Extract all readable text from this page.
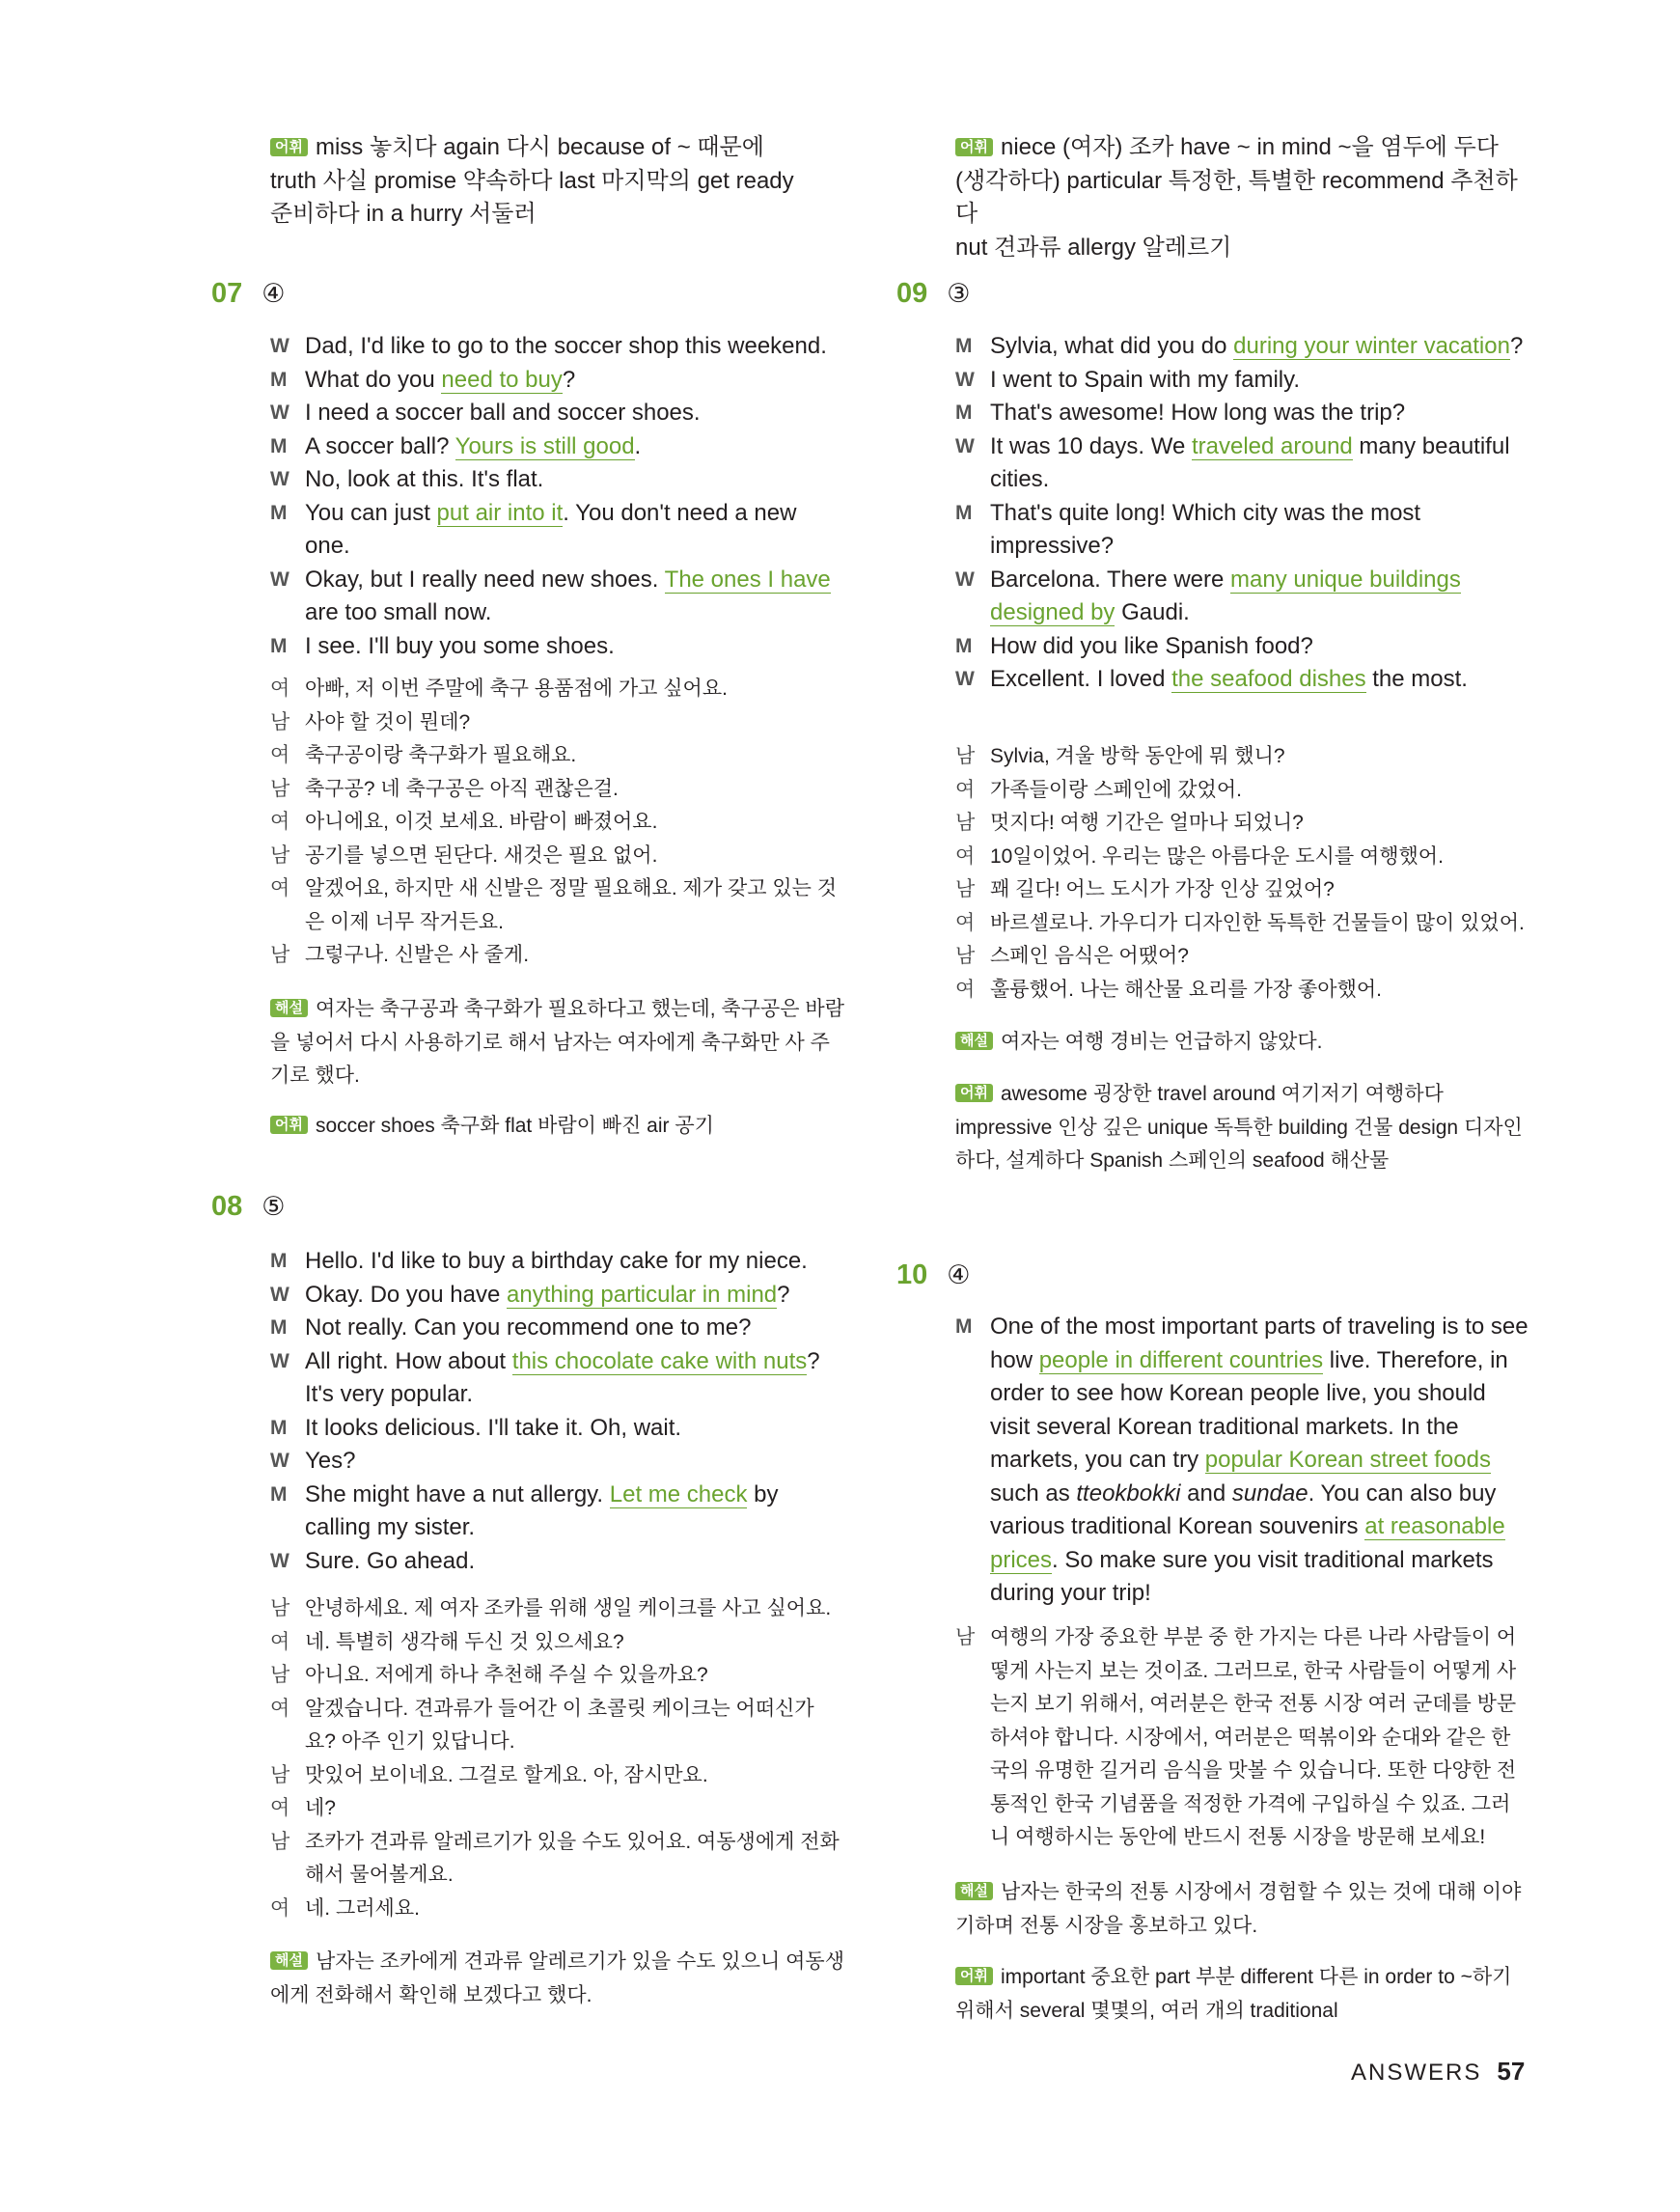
어휘 miss 놓치다 again 다시 because of ~ 때문에
truth 사실 promise 약속하다 last 마지막의 get ready
준비하다 in a hurry 서둘러
07 ④
W Dad, I'd like to go to the soccer shop this weekend.
M What do you need to buy?
W I need a soccer ball and soccer shoes.
M A soccer ball? Yours is still good.
W No, look at this. It's flat.
M You can just put air into it. You don't need a new one.
W Okay, but I really need new shoes. The ones I have are too small now.
M I see. I'll buy you some shoes.
여 아빠, 저 이번 주말에 축구 용품점에 가고 싶어요.
남 사야 할 것이 뭔데?
여 축구공이랑 축구화가 필요해요.
남 축구공? 네 축구공은 아직 괜찮은걸.
여 아니에요, 이것 보세요. 바람이 빠졌어요.
남 공기를 넣으면 된단다. 새것은 필요 없어.
여 알겠어요, 하지만 새 신발은 정말 필요해요. 제가 갖고 있는 것은 이제 너무 작거든요.
남 그렇구나. 신발은 사 줄게.
해설 여자는 축구공과 축구화가 필요하다고 했는데, 축구공은 바람을 넣어서 다시 사용하기로 해서 남자는 여자에게 축구화만 사 주기로 했다.
어휘 soccer shoes 축구화 flat 바람이 빠진 air 공기
08 ⑤
M Hello. I'd like to buy a birthday cake for my niece.
W Okay. Do you have anything particular in mind?
M Not really. Can you recommend one to me?
W All right. How about this chocolate cake with nuts? It's very popular.
M It looks delicious. I'll take it. Oh, wait.
W Yes?
M She might have a nut allergy. Let me check by calling my sister.
W Sure. Go ahead.
남 안녕하세요. 제 여자 조카를 위해 생일 케이크를 사고 싶어요.
여 네. 특별히 생각해 두신 것 있으세요?
남 아니요. 저에게 하나 추천해 주실 수 있을까요?
여 알겠습니다. 견과류가 들어간 이 초콜릿 케이크는 어떠신가요? 아주 인기 있답니다.
남 맛있어 보이네요. 그걸로 할게요. 아, 잠시만요.
여 네?
남 조카가 견과류 알레르기가 있을 수도 있어요. 여동생에게 전화해서 물어볼게요.
여 네. 그러세요.
해설 남자는 조카에게 견과류 알레르기가 있을 수도 있으니 여동생에게 전화해서 확인해 보겠다고 했다.
어휘 niece (여자) 조카 have ~ in mind ~을 염두에 두다
(생각하다) particular 특정한, 특별한 recommend 추천하다
nut 견과류 allergy 알레르기
09 ③
M Sylvia, what did you do during your winter vacation?
W I went to Spain with my family.
M That's awesome! How long was the trip?
W It was 10 days. We traveled around many beautiful cities.
M That's quite long! Which city was the most impressive?
W Barcelona. There were many unique buildings designed by Gaudi.
M How did you like Spanish food?
W Excellent. I loved the seafood dishes the most.
남 Sylvia, 겨울 방학 동안에 뭐 했니?
여 가족들이랑 스페인에 갔었어.
남 멋지다! 여행 기간은 얼마나 되었니?
여 10일이었어. 우리는 많은 아름다운 도시를 여행했어.
남 꽤 길다! 어느 도시가 가장 인상 깊었어?
여 바르셀로나. 가우디가 디자인한 독특한 건물들이 많이 있었어.
남 스페인 음식은 어땠어?
여 훌륭했어. 나는 해산물 요리를 가장 좋아했어.
해설 여자는 여행 경비는 언급하지 않았다.
어휘 awesome 굉장한 travel around 여기저기 여행하다 impressive 인상 깊은 unique 독특한 building 건물 design 디자인하다, 설계하다 Spanish 스페인의 seafood 해산물
10 ④
M One of the most important parts of traveling is to see how people in different countries live. Therefore, in order to see how Korean people live, you should visit several Korean traditional markets. In the markets, you can try popular Korean street foods such as tteokbokki and sundae. You can also buy various traditional Korean souvenirs at reasonable prices. So make sure you visit traditional markets during your trip!
남 여행의 가장 중요한 부분 중 한 가지는 다른 나라 사람들이 어떻게 사는지 보는 것이죠. 그러므로, 한국 사람들이 어떻게 사는지 보기 위해서, 여러분은 한국 전통 시장 여러 군데를 방문하셔야 합니다. 시장에서, 여러분은 떡볶이와 순대와 같은 한국의 유명한 길거리 음식을 맛볼 수 있습니다. 또한 다양한 전통적인 한국 기념품을 적정한 가격에 구입하실 수 있죠. 그러니 여행하시는 동안에 반드시 전통 시장을 방문해 보세요!
해설 남자는 한국의 전통 시장에서 경험할 수 있는 것에 대해 이야기하며 전통 시장을 홍보하고 있다.
어휘 important 중요한 part 부분 different 다른 in order to ~하기 위해서 several 몇몇의, 여러 개의 traditional
ANSWERS 57
